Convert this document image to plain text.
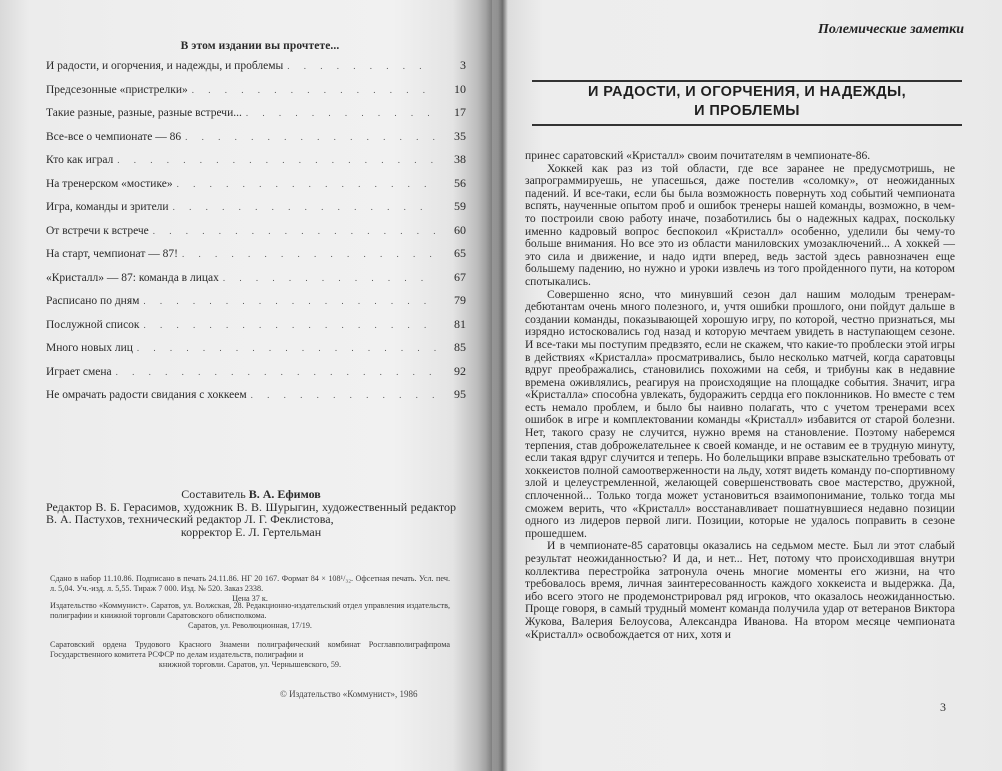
В этом издании вы прочтете...
И радости, и огорчения, и надежды, и проблемы . . .	3
Предсезонные «пристрелки» . . .	10
Такие разные, разные, разные встречи... . . .	17
Все-все о чемпионате — 86 . . .	35
Кто как играл . . .	38
На тренерском «мостике» . . .	56
Игра, команды и зрители . . .	59
От встречи к встрече . . .	60
На старт, чемпионат — 87! . . .	65
«Кристалл» — 87: команда в лицах . . .	67
Расписано по дням . . .	79
Послужной список . . .	81
Много новых лиц . . .	85
Играет смена . . .	92
Не омрачать радости свидания с хоккеем . . .	95
Составитель В. А. Ефимов
Редактор В. Б. Герасимов, художник В. В. Шурыгин, художественный редактор В. А. Пастухов, технический редактор Л. Г. Феклистова,
корректор Е. Л. Гертельман
Сдано в набор 11.10.86. Подписано в печать 24.11.86. НГ 20 167. Формат 84 × 108¹/₃₂. Офсетная печать. Усл. печ. л. 5,04. Уч.-изд. л. 5,55. Тираж 7 000. Изд. № 520. Заказ 2338.
Цена 37 к.
Издательство «Коммунист». Саратов, ул. Волжская, 28. Редакционно-издательский отдел управления издательств, полиграфии и книжной торговли Саратовского облисполкома.
Саратов, ул. Революционная, 17/19.
Саратовский ордена Трудового Красного Знамени полиграфический комбинат Росглавполиграфпрома Государственного комитета РСФСР по делам издательств, полиграфии и
книжной торговли. Саратов, ул. Чернышевского, 59.
© Издательство «Коммунист», 1986
Полемические заметки
И РАДОСТИ, И ОГОРЧЕНИЯ, И НАДЕЖДЫ,
И ПРОБЛЕМЫ

принес саратовский «Кристалл» своим почитателям в чемпионате-86.

Хоккей как раз из той области, где все заранее не предусмотришь, не запрограммируешь, не упасешься, даже постелив «соломку», от неожиданных падений. И все-таки, если бы была возможность повернуть ход событий чемпионата вспять, наученные опытом проб и ошибок тренеры нашей команды, возможно, в чем-то построили свою работу иначе, позаботились бы о надежных кадрах, поскольку именно кадровый вопрос беспокоил «Кристалл» особенно, уделили бы чему-то больше внимания. Но все это из области маниловских умозаключений... А хоккей — это сила и движение, и надо идти вперед, ведь застой здесь равнозначен еще большему падению, но нужно и уроки извлечь из того пройденного пути, на котором спотыкались.

Совершенно ясно, что минувший сезон дал нашим молодым тренерам-дебютантам очень много полезного, и, учтя ошибки прошлого, они пойдут дальше в создании команды, показывающей хорошую игру, по которой, честно признаться, мы изрядно истосковались год назад и которую мечтаем увидеть в наступающем сезоне. И все-таки мы поступим предвзято, если не скажем, что какие-то проблески этой игры в действиях «Кристалла» просматривались, было несколько матчей, когда саратовцы вдруг преображались, становились похожими на себя, и трибуны как в недавние времена оживлялись, реагируя на происходящие на площадке события. Значит, игра «Кристалла» способна увлекать, будоражить сердца его поклонников. Но вместе с тем есть немало проблем, и было бы наивно полагать, что с учетом тренерами всех ошибок в игре и комплектовании команды «Кристалл» избавится от старой болезни. Нет, такого сразу не случится, нужно время на становление. Поэтому наберемся терпения, став доброжелательнее к своей команде, и не оставим ее в трудную минуту, если такая вдруг случится и теперь. Но болельщики вправе взыскательно требовать от хоккеистов полной самоотверженности на льду, хотят видеть команду по-спортивному злой и целеустремленной, желающей совершенствовать свое мастерство, дружной, сплоченной... Только тогда может установиться взаимопонимание, только тогда мы сможем верить, что «Кристалл» восстанавливает пошатнувшиеся недавно позиции одного из лидеров первой лиги. Позиции, которые не удалось поправить в сезоне прошедшем.

И в чемпионате-85 саратовцы оказались на седьмом месте. Был ли этот слабый результат неожиданностью? И да, и нет... Нет, потому что происходившая внутри коллектива перестройка затронула очень многие моменты его жизни, на что требовалось время, личная заинтересованность каждого хоккеиста и выдержка. Да, ибо всего этого не продемонстрировал ряд игроков, что оказалось неожиданностью. Проще говоря, в самый трудный момент команда получила удар от ветеранов Виктора Жукова, Валерия Белоусова, Александра Иванова. На втором месяце чемпионата «Кристалл» освобождается от них, хотя и

3
